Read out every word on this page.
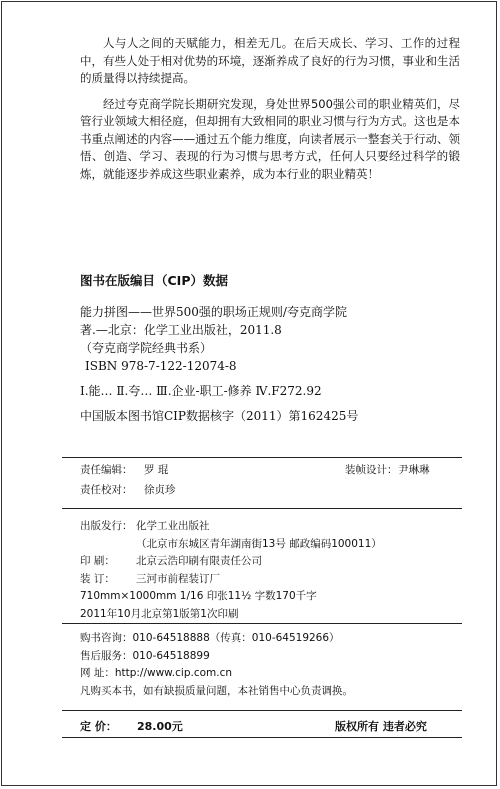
人与人之间的天赋能力，相差无几。在后天成长、学习、工作的过程中，有些人处于相对优势的环境，逐渐养成了良好的行为习惯，事业和生活的质量得以持续提高。

经过夸克商学院长期研究发现，身处世界500强公司的职业精英们，尽管行业领域大相径庭，但却拥有大致相同的职业习惯与行为方式。这也是本书重点阐述的内容——通过五个能力维度，向读者展示一整套关于行动、领悟、创造、学习、表现的行为习惯与思考方式，任何人只要经过科学的锻炼，就能逐步养成这些职业素养，成为本行业的职业精英！

图书在版编目（CIP）数据
能力拼图——世界500强的职场正规则/夸克商学院
著.—北京：化学工业出版社，2011.8
（夸克商学院经典书系）
ISBN 978-7-122-12074-8
Ⅰ.能… Ⅱ.夸… Ⅲ.企业-职工-修养 Ⅳ.F272.92
中国版本图书馆CIP数据核字（2011）第162425号
责任编辑： 罗 琨	装帧设计： 尹琳琳
责任校对： 徐贞珍
出版发行： 化学工业出版社
（北京市东城区青年湖南街13号 邮政编码100011）
印 刷： 北京云浩印刷有限责任公司
装 订： 三河市前程装订厂
710mm×1000mm 1/16 印张11½ 字数170千字
2011年10月北京第1版第1次印刷
购书咨询：010-64518888（传真：010-64519266）
售后服务：010-64518899
网 址：http://www.cip.com.cn
凡购买本书，如有缺损质量问题，本社销售中心负责调换。
定 价： 28.00元	版权所有 违者必究
